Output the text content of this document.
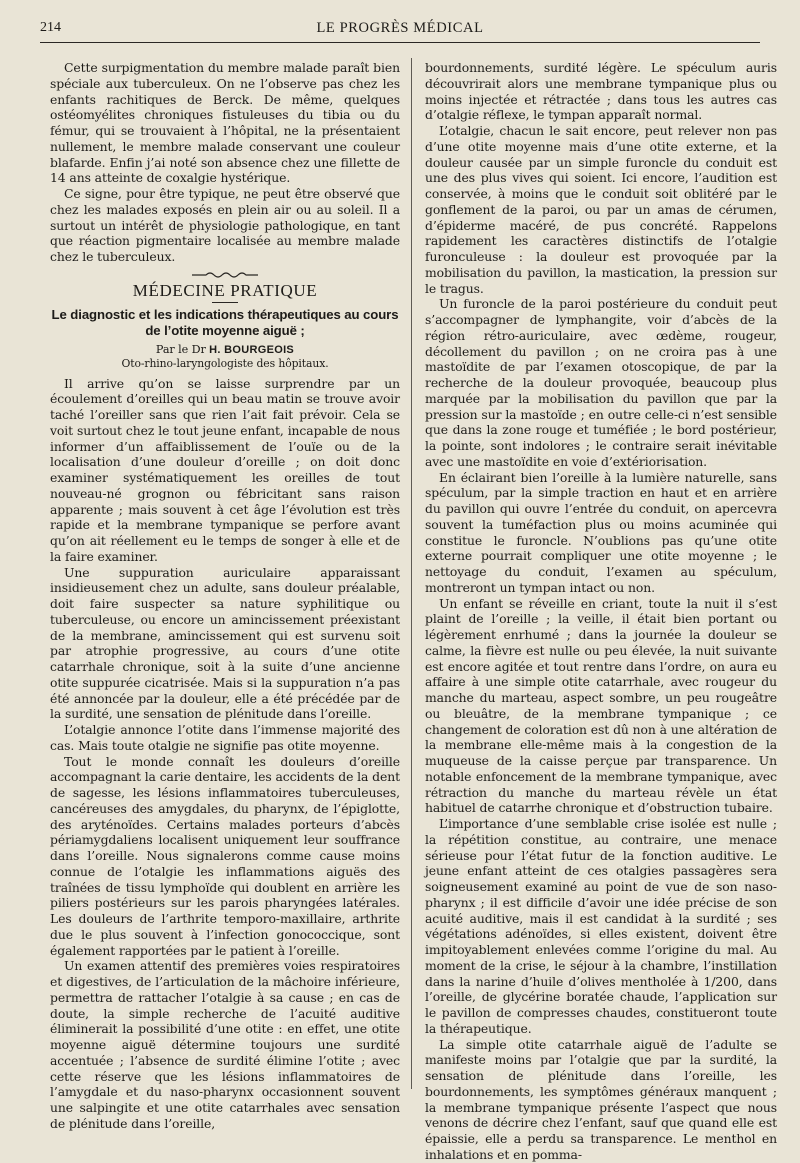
214	LE PROGRÈS MÉDICAL

Cette surpigmentation du membre malade paraît bien spéciale aux tuberculeux. On ne l’observe pas chez les enfants rachitiques de Berck. De même, quelques ostéomyélites chroniques fistuleuses du tibia ou du fémur, qui se trouvaient à l’hôpital, ne la présentaient nullement, le membre malade conservant une couleur blafarde. Enfin j’ai noté son absence chez une fillette de 14 ans atteinte de coxalgie hystérique.

Ce signe, pour être typique, ne peut être observé que chez les malades exposés en plein air ou au soleil. Il a surtout un intérêt de physiologie pathologique, en tant que réaction pigmentaire localisée au membre malade chez le tuberculeux.

MÉDECINE PRATIQUE
Le diagnostic et les indications thérapeutiques au cours de l’otite moyenne aiguë ;
Par le Dr H. BOURGEOIS
Oto-rhino-laryngologiste des hôpitaux.

Il arrive qu’on se laisse surprendre par un écoulement d’oreilles qui un beau matin se trouve avoir taché l’oreiller sans que rien l’ait fait prévoir. Cela se voit surtout chez le tout jeune enfant, incapable de nous informer d’un affaiblissement de l’ouïe ou de la localisation d’une douleur d’oreille ; on doit donc examiner systématiquement les oreilles de tout nouveau-né grognon ou fébricitant sans raison apparente ; mais souvent à cet âge l’évolution est très rapide et la membrane tympanique se perfore avant qu’on ait réellement eu le temps de songer à elle et de la faire examiner.

Une suppuration auriculaire apparaissant insidieusement chez un adulte, sans douleur préalable, doit faire suspecter sa nature syphilitique ou tuberculeuse, ou encore un amincissement préexistant de la membrane, amincissement qui est survenu soit par atrophie progressive, au cours d’une otite catarrhale chronique, soit à la suite d’une ancienne otite suppurée cicatrisée. Mais si la suppuration n’a pas été annoncée par la douleur, elle a été précédée par de la surdité, une sensation de plénitude dans l’oreille.

L’otalgie annonce l’otite dans l’immense majorité des cas. Mais toute otalgie ne signifie pas otite moyenne.

Tout le monde connaît les douleurs d’oreille accompagnant la carie dentaire, les accidents de la dent de sagesse, les lésions inflammatoires tuberculeuses, cancéreuses des amygdales, du pharynx, de l’épiglotte, des aryténoïdes. Certains malades porteurs d’abcès périamygdaliens localisent uniquement leur souffrance dans l’oreille. Nous signalerons comme cause moins connue de l’otalgie les inflammations aiguës des traînées de tissu lymphoïde qui doublent en arrière les piliers postérieurs sur les parois pharyngées latérales. Les douleurs de l’arthrite temporo-maxillaire, arthrite due le plus souvent à l’infection gonococcique, sont également rapportées par le patient à l’oreille.

Un examen attentif des premières voies respiratoires et digestives, de l’articulation de la mâchoire inférieure, permettra de rattacher l’otalgie à sa cause ; en cas de doute, la simple recherche de l’acuité auditive éliminerait la possibilité d’une otite : en effet, une otite moyenne aiguë détermine toujours une surdité accentuée ; l’absence de surdité élimine l’otite ; avec cette réserve que les lésions inflammatoires de l’amygdale et du naso-pharynx occasionnent souvent une salpingite et une otite catarrhales avec sensation de plénitude dans l’oreille,

bourdonnements, surdité légère. Le spéculum auris découvrirait alors une membrane tympanique plus ou moins injectée et rétractée ; dans tous les autres cas d’otalgie réflexe, le tympan apparaît normal.

L’otalgie, chacun le sait encore, peut relever non pas d’une otite moyenne mais d’une otite externe, et la douleur causée par un simple furoncle du conduit est une des plus vives qui soient. Ici encore, l’audition est conservée, à moins que le conduit soit oblitéré par le gonflement de la paroi, ou par un amas de cérumen, d’épiderme macéré, de pus concrété. Rappelons rapidement les caractères distinctifs de l’otalgie furonculeuse : la douleur est provoquée par la mobilisation du pavillon, la mastication, la pression sur le tragus.

Un furoncle de la paroi postérieure du conduit peut s’accompagner de lymphangite, voir d’abcès de la région rétro-auriculaire, avec œdème, rougeur, décollement du pavillon ; on ne croira pas à une mastoïdite de par l’examen otoscopique, de par la recherche de la douleur provoquée, beaucoup plus marquée par la mobilisation du pavillon que par la pression sur la mastoïde ; en outre celle-ci n’est sensible que dans la zone rouge et tuméfiée ; le bord postérieur, la pointe, sont indolores ; le contraire serait inévitable avec une mastoïdite en voie d’extériorisation.

En éclairant bien l’oreille à la lumière naturelle, sans spéculum, par la simple traction en haut et en arrière du pavillon qui ouvre l’entrée du conduit, on apercevra souvent la tuméfaction plus ou moins acuminée qui constitue le furoncle. N’oublions pas qu’une otite externe pourrait compliquer une otite moyenne ; le nettoyage du conduit, l’examen au spéculum, montreront un tympan intact ou non.

Un enfant se réveille en criant, toute la nuit il s’est plaint de l’oreille ; la veille, il était bien portant ou légèrement enrhumé ; dans la journée la douleur se calme, la fièvre est nulle ou peu élevée, la nuit suivante est encore agitée et tout rentre dans l’ordre, on aura eu affaire à une simple otite catarrhale, avec rougeur du manche du marteau, aspect sombre, un peu rougeâtre ou bleuâtre, de la membrane tympanique ; ce changement de coloration est dû non à une altération de la membrane elle-même mais à la congestion de la muqueuse de la caisse perçue par transparence. Un notable enfoncement de la membrane tympanique, avec rétraction du manche du marteau révèle un état habituel de catarrhe chronique et d’obstruction tubaire.

L’importance d’une semblable crise isolée est nulle ; la répétition constitue, au contraire, une menace sérieuse pour l’état futur de la fonction auditive. Le jeune enfant atteint de ces otalgies passagères sera soigneusement examiné au point de vue de son naso-pharynx ; il est difficile d’avoir une idée précise de son acuité auditive, mais il est candidat à la surdité ; ses végétations adénoïdes, si elles existent, doivent être impitoyablement enlevées comme l’origine du mal. Au moment de la crise, le séjour à la chambre, l’instillation dans la narine d’huile d’olives mentholée à 1/200, dans l’oreille, de glycérine boratée chaude, l’application sur le pavillon de compresses chaudes, constitueront toute la thérapeutique.

La simple otite catarrhale aiguë de l’adulte se manifeste moins par l’otalgie que par la surdité, la sensation de plénitude dans l’oreille, les bourdonnements, les symptômes généraux manquent ; la membrane tympanique présente l’aspect que nous venons de décrire chez l’enfant, sauf que quand elle est épaissie, elle a perdu sa transparence. Le menthol en inhalations et en pomma-
